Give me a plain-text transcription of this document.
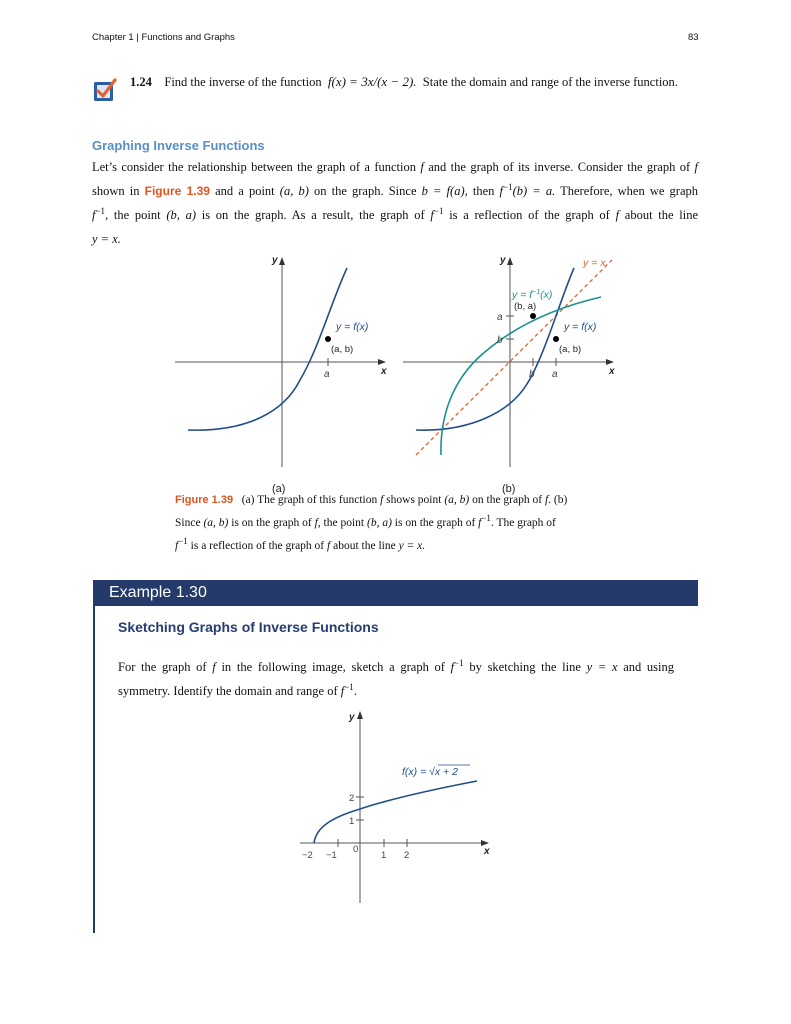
Chapter 1 | Functions and Graphs	83
1.24 Find the inverse of the function f(x) = 3x/(x − 2). State the domain and range of the inverse function.
Graphing Inverse Functions
Let’s consider the relationship between the graph of a function f and the graph of its inverse. Consider the graph of f
shown in Figure 1.39 and a point (a, b) on the graph. Since b = f(a), then $f^{-1}(b) = a$. Therefore, when we graph
$f^{-1}$, the point (b, a) is on the graph. As a result, the graph of $f^{-1}$ is a reflection of the graph of f about the line
y = x.
y
x
a
y = f(x)
(a, b)
(a)
y
x
b a
a
b
y = x
$y = f^{-1}(x)$
y = f(x)
(b, a)
(a, b)
(b)
Figure 1.39 (a) The graph of this function f shows point (a, b) on the graph of f. (b)
Since (a, b) is on the graph of f, the point (b, a) is on the graph of $f^{-1}$. The graph of
$f^{-1}$ is a reflection of the graph of f about the line y = x.
Example 1.30
Sketching Graphs of Inverse Functions
For the graph of f in the following image, sketch a graph of $f^{-1}$ by sketching the line y = x and using
symmetry. Identify the domain and range of $f^{-1}$.
y
x
−2 −1
0
1 2
1
2
f(x) = √x + 2
